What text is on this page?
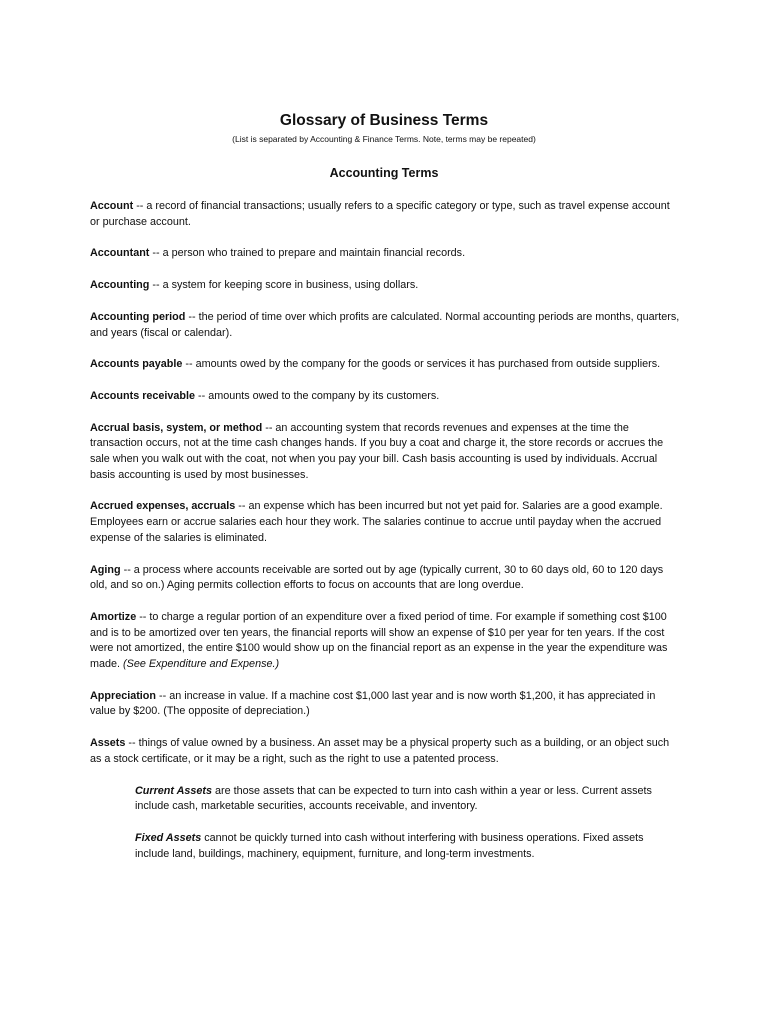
Glossary of Business Terms

(List is separated by Accounting & Finance Terms. Note, terms may be repeated)

Accounting Terms

Account -- a record of financial transactions; usually refers to a specific category or type, such as travel expense account or purchase account.

Accountant -- a person who trained to prepare and maintain financial records.

Accounting -- a system for keeping score in business, using dollars.

Accounting period -- the period of time over which profits are calculated. Normal accounting periods are months, quarters, and years (fiscal or calendar).

Accounts payable -- amounts owed by the company for the goods or services it has purchased from outside suppliers.

Accounts receivable -- amounts owed to the company by its customers.

Accrual basis, system, or method -- an accounting system that records revenues and expenses at the time the transaction occurs, not at the time cash changes hands. If you buy a coat and charge it, the store records or accrues the sale when you walk out with the coat, not when you pay your bill. Cash basis accounting is used by individuals. Accrual basis accounting is used by most businesses.

Accrued expenses, accruals -- an expense which has been incurred but not yet paid for. Salaries are a good example. Employees earn or accrue salaries each hour they work. The salaries continue to accrue until payday when the accrued expense of the salaries is eliminated.

Aging -- a process where accounts receivable are sorted out by age (typically current, 30 to 60 days old, 60 to 120 days old, and so on.) Aging permits collection efforts to focus on accounts that are long overdue.

Amortize -- to charge a regular portion of an expenditure over a fixed period of time. For example if something cost $100 and is to be amortized over ten years, the financial reports will show an expense of $10 per year for ten years. If the cost were not amortized, the entire $100 would show up on the financial report as an expense in the year the expenditure was made. (See Expenditure and Expense.)

Appreciation -- an increase in value. If a machine cost $1,000 last year and is now worth $1,200, it has appreciated in value by $200. (The opposite of depreciation.)

Assets -- things of value owned by a business. An asset may be a physical property such as a building, or an object such as a stock certificate, or it may be a right, such as the right to use a patented process.

Current Assets are those assets that can be expected to turn into cash within a year or less. Current assets include cash, marketable securities, accounts receivable, and inventory.

Fixed Assets cannot be quickly turned into cash without interfering with business operations. Fixed assets include land, buildings, machinery, equipment, furniture, and long-term investments.
